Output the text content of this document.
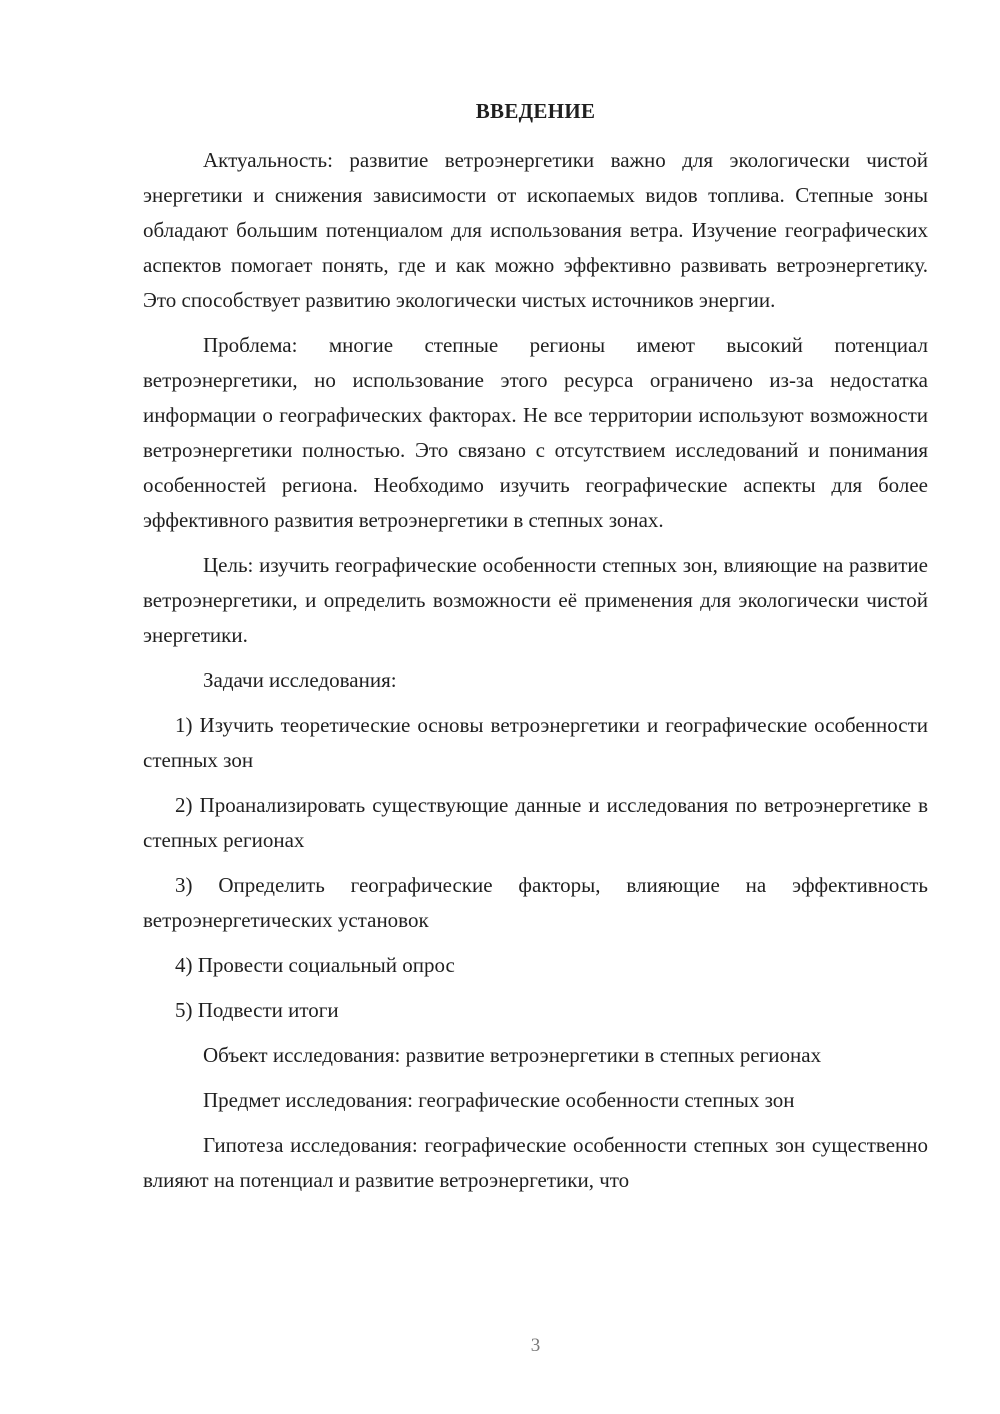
ВВЕДЕНИЕ

Актуальность: развитие ветроэнергетики важно для экологически чистой энергетики и снижения зависимости от ископаемых видов топлива. Степные зоны обладают большим потенциалом для использования ветра. Изучение географических аспектов помогает понять, где и как можно эффективно развивать ветроэнергетику. Это способствует развитию экологически чистых источников энергии.

Проблема: многие степные регионы имеют высокий потенциал ветроэнергетики, но использование этого ресурса ограничено из-за недостатка информации о географических факторах. Не все территории используют возможности ветроэнергетики полностью. Это связано с отсутствием исследований и понимания особенностей региона. Необходимо изучить географические аспекты для более эффективного развития ветроэнергетики в степных зонах.

Цель: изучить географические особенности степных зон, влияющие на развитие ветроэнергетики, и определить возможности её применения для экологически чистой энергетики.

Задачи исследования:

1) Изучить теоретические основы ветроэнергетики и географические особенности степных зон

2) Проанализировать существующие данные и исследования по ветроэнергетике в степных регионах

3) Определить географические факторы, влияющие на эффективность ветроэнергетических установок

4) Провести социальный опрос

5) Подвести итоги

Объект исследования: развитие ветроэнергетики в степных регионах

Предмет исследования: географические особенности степных зон

Гипотеза исследования: географические особенности степных зон существенно влияют на потенциал и развитие ветроэнергетики, что

3
